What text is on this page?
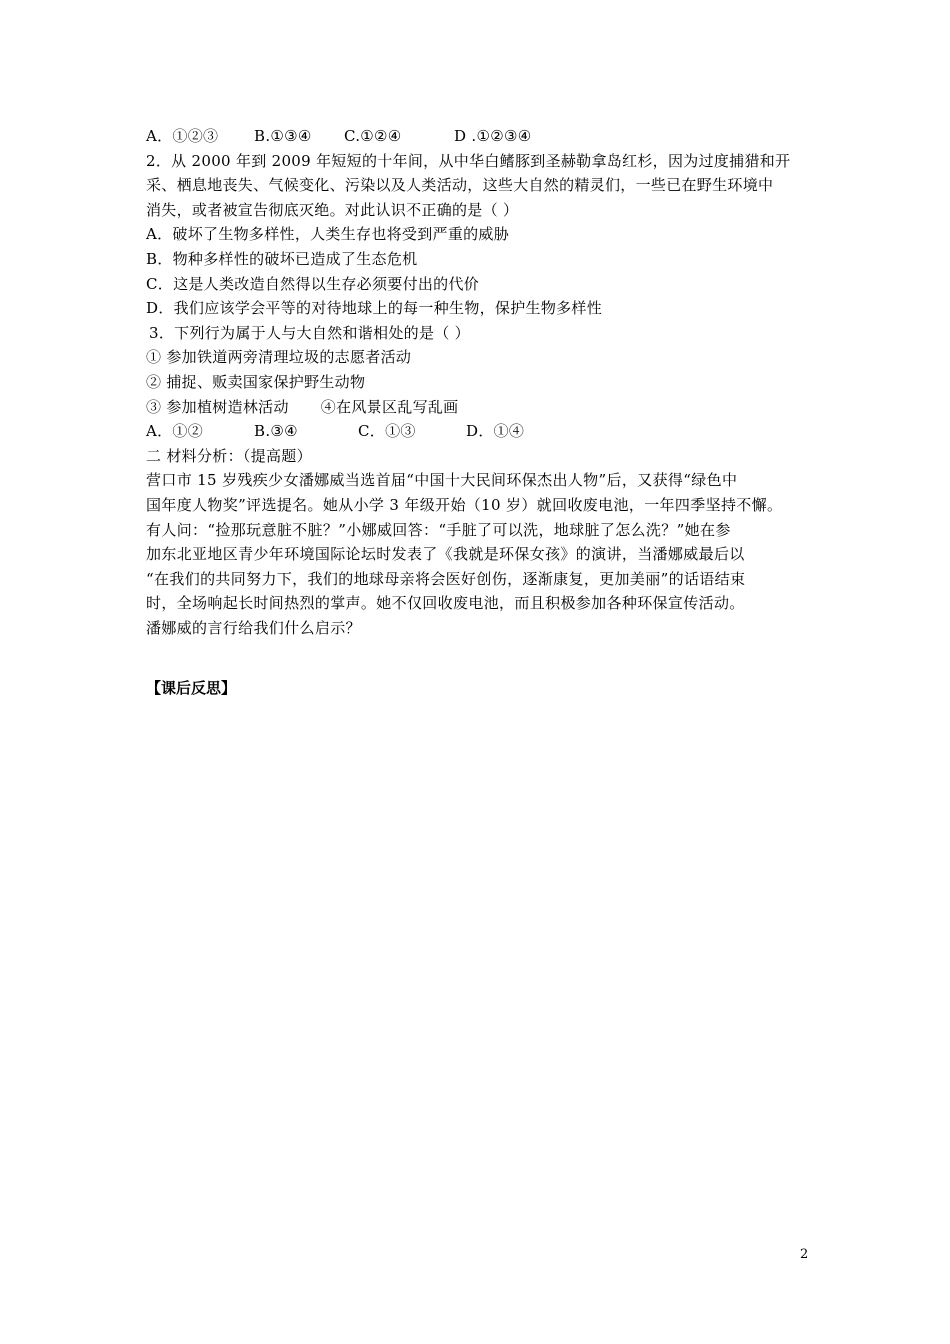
A．①②③ B.①③④ C.①②④	D .①②③④
2．从 2000 年到 2009 年短短的十年间，从中华白鳍豚到圣赫勒拿岛红杉，因为过度捕猎和开
采、栖息地丧失、气候变化、污染以及人类活动，这些大自然的精灵们，一些已在野生环境中
消失，或者被宣告彻底灭绝。对此认识不正确的是（ ）
A．破坏了生物多样性，人类生存也将受到严重的威胁
B．物种多样性的破坏已造成了生态危机
C．这是人类改造自然得以生存必须要付出的代价
D．我们应该学会平等的对待地球上的每一种生物，保护生物多样性
3．下列行为属于人与大自然和谐相处的是（ ）
① 参加铁道两旁清理垃圾的志愿者活动
② 捕捉、贩卖国家保护野生动物
③ 参加植树造林活动 ④在风景区乱写乱画
A．①②	B.③④	C．①③	D．①④
二 材料分析：（提高题）
营口市 15 岁残疾少女潘娜威当选首届“中国十大民间环保杰出人物”后，又获得“绿色中
国年度人物奖”评选提名。她从小学 3 年级开始（10 岁）就回收废电池，一年四季坚持不懈。
有人问：“捡那玩意脏不脏？”小娜威回答：“手脏了可以洗，地球脏了怎么洗？”她在参
加东北亚地区青少年环境国际论坛时发表了《我就是环保女孩》的演讲，当潘娜威最后以
“在我们的共同努力下，我们的地球母亲将会医好创伤，逐渐康复，更加美丽”的话语结束
时，全场响起长时间热烈的掌声。她不仅回收废电池，而且积极参加各种环保宣传活动。
潘娜威的言行给我们什么启示？
【课后反思】
2
